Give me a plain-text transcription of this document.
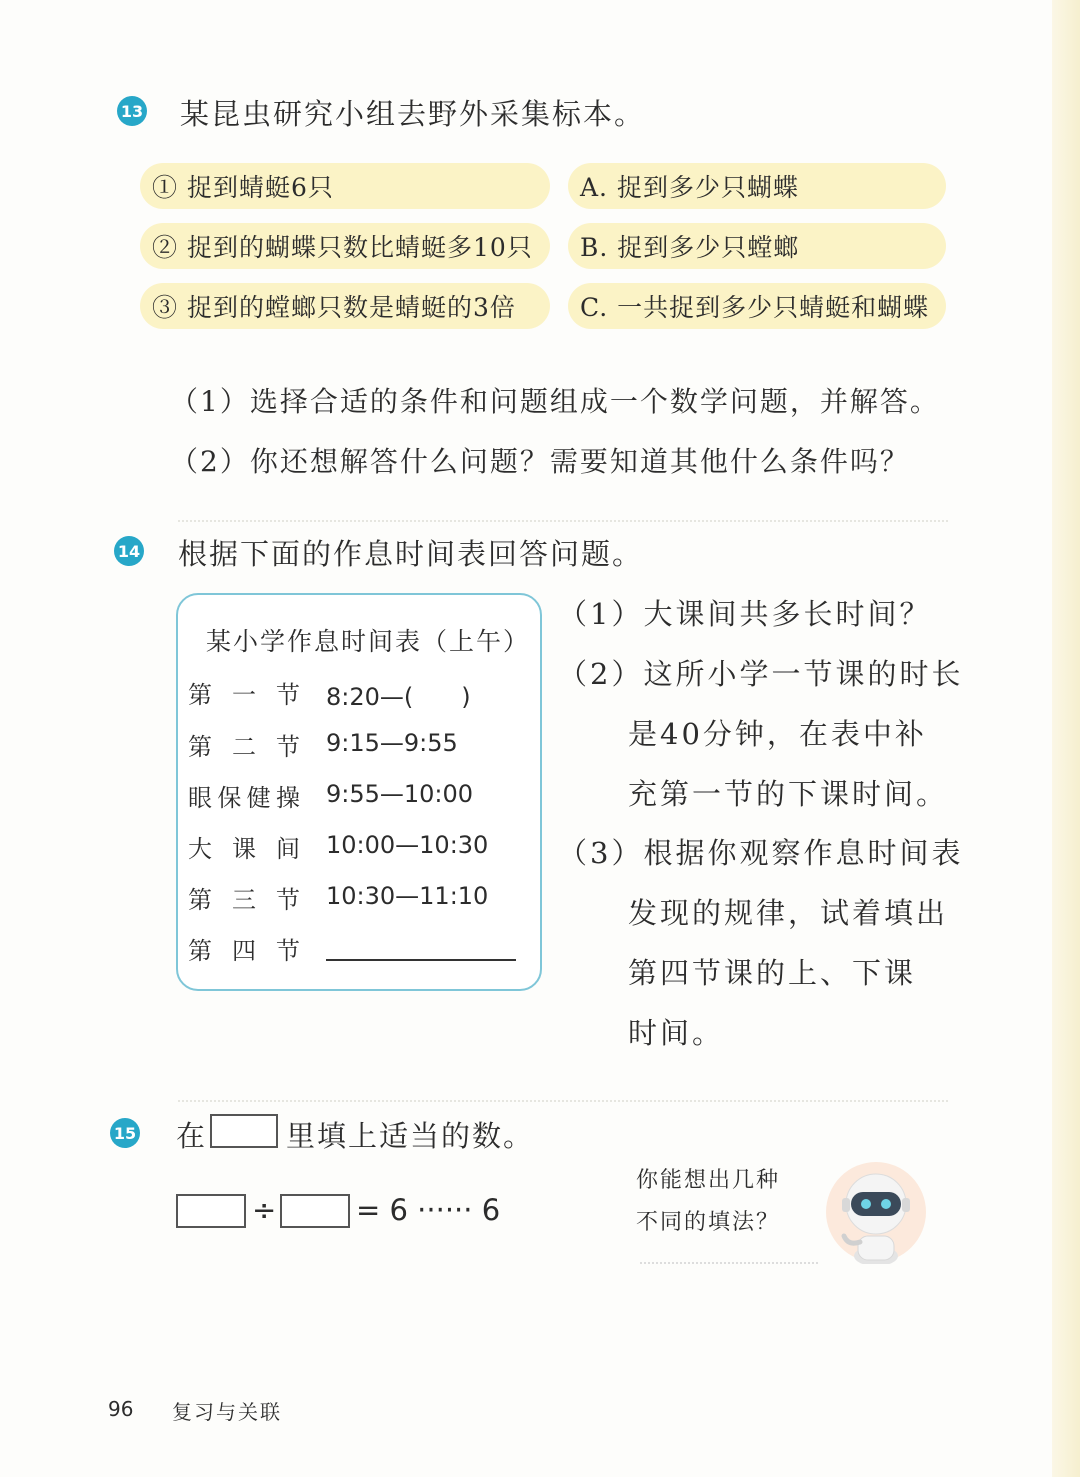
13 某昆虫研究小组去野外采集标本。
① 捉到蜻蜓6只
② 捉到的蝴蝶只数比蜻蜓多10只
③ 捉到的螳螂只数是蜻蜓的3倍
A. 捉到多少只蝴蝶
B. 捉到多少只螳螂
C. 一共捉到多少只蜻蜓和蝴蝶
（1）选择合适的条件和问题组成一个数学问题，并解答。
（2）你还想解答什么问题？需要知道其他什么条件吗？
14 根据下面的作息时间表回答问题。
某小学作息时间表（上午）
第一节 8:20—(　　)
第二节 9:15—9:55
眼保健操 9:55—10:00
大课间 10:00—10:30
第三节 10:30—11:10
第四节
（1）大课间共多长时间？
（2）这所小学一节课的时长
是40分钟，在表中补
充第一节的下课时间。
（3）根据你观察作息时间表
发现的规律，试着填出
第四节课的上、下课
时间。
15 在	里填上适当的数。
÷	= 6 ······ 6
你能想出几种
不同的填法？
96 复习与关联
